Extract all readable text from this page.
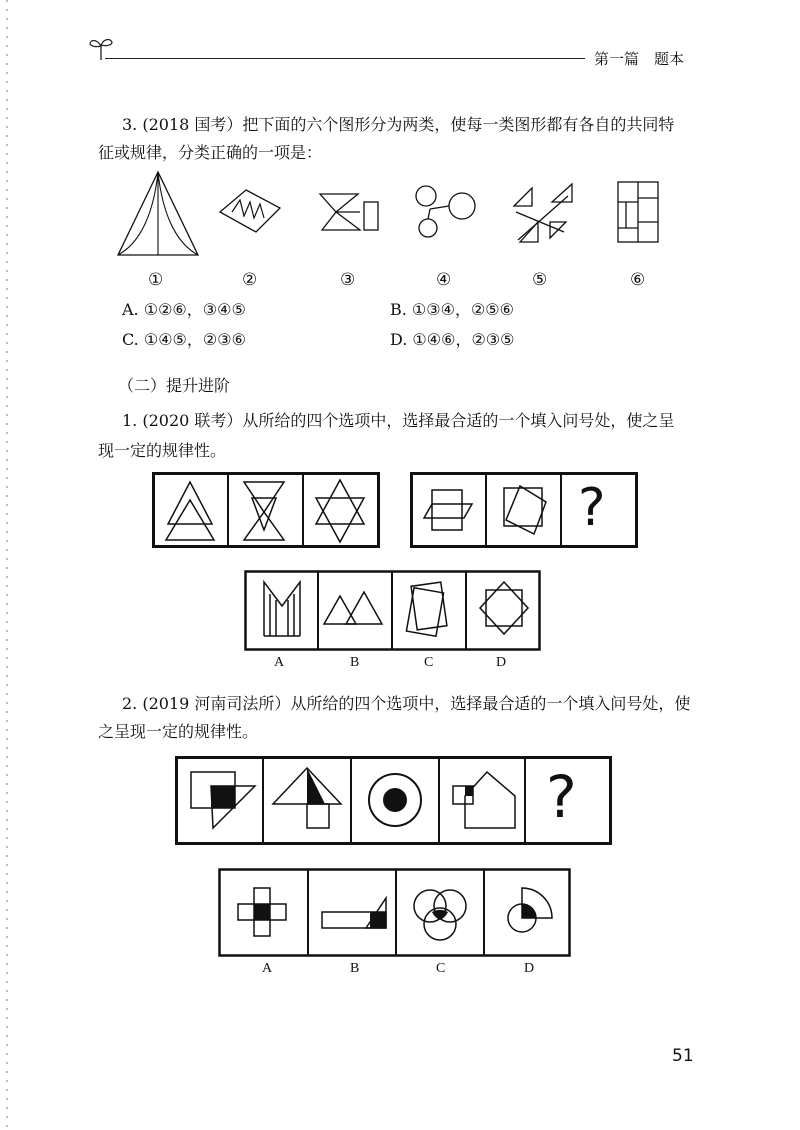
第一篇　题本
3. (2018 国考）把下面的六个图形分为两类，使每一类图形都有各自的共同特
征或规律，分类正确的一项是：
①	②	③	④	⑤	⑥
A. ①②⑥，③④⑤	B. ①③④，②⑤⑥
C. ①④⑤，②③⑥	D. ①④⑥，②③⑤
（二）提升进阶
1. (2020 联考）从所给的四个选项中，选择最合适的一个填入问号处，使之呈
现一定的规律性。
?
A	B	C	D
2. (2019 河南司法所）从所给的四个选项中，选择最合适的一个填入问号处，使
之呈现一定的规律性。
?
A	B	C	D
51
